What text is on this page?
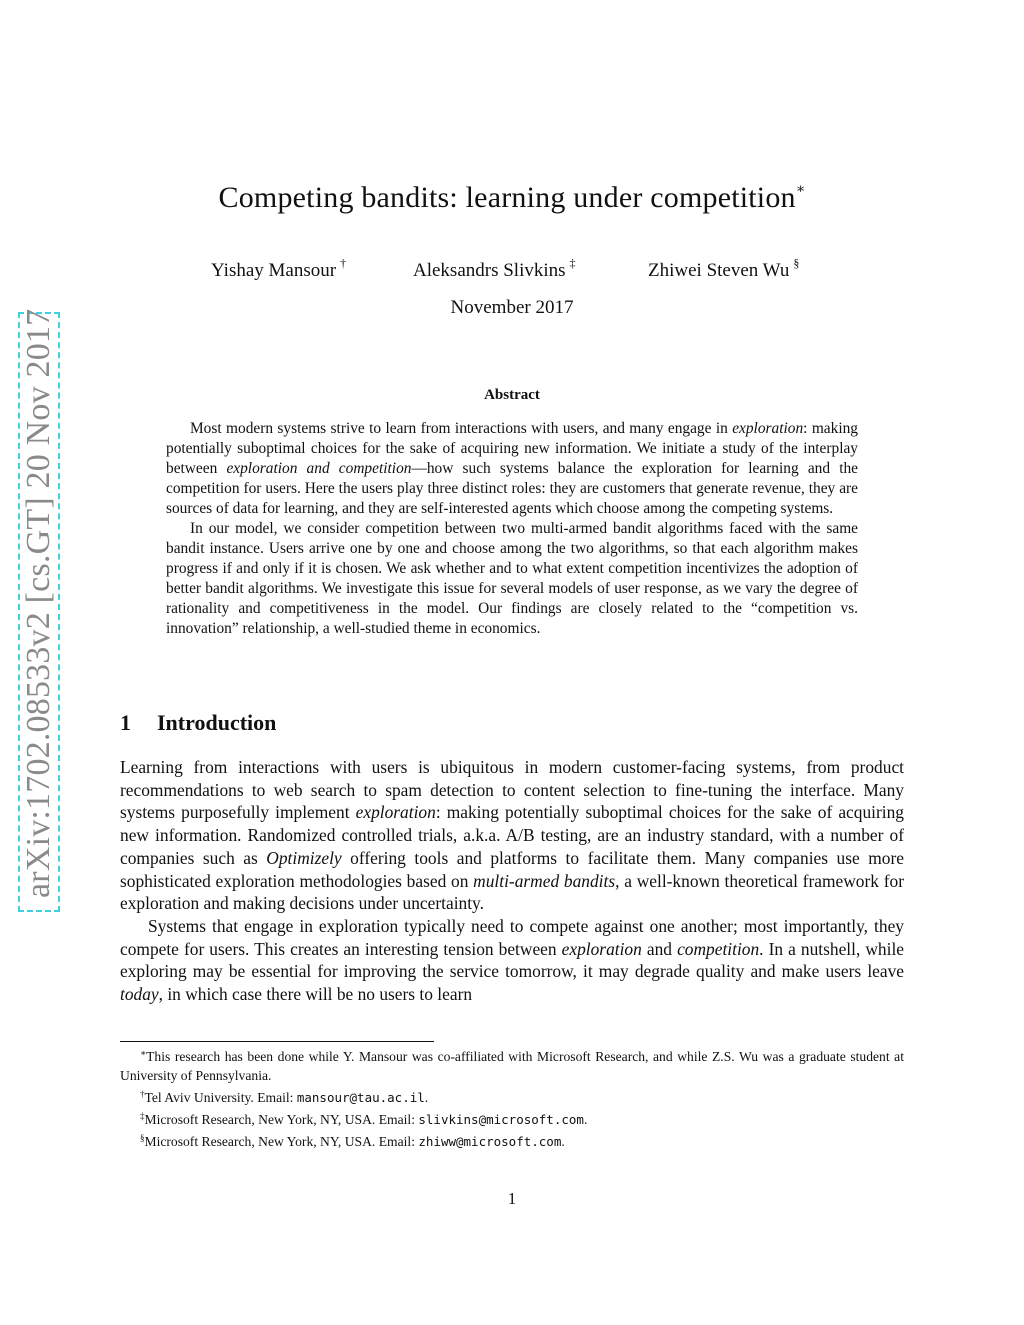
arXiv:1702.08533v2 [cs.GT] 20 Nov 2017
Competing bandits: learning under competition∗
Yishay Mansour †	Aleksandrs Slivkins ‡	Zhiwei Steven Wu §
November 2017
Abstract

Most modern systems strive to learn from interactions with users, and many engage in exploration: making potentially suboptimal choices for the sake of acquiring new information. We initiate a study of the interplay between exploration and competition—how such systems balance the exploration for learning and the competition for users. Here the users play three distinct roles: they are customers that generate revenue, they are sources of data for learning, and they are self-interested agents which choose among the competing systems.

In our model, we consider competition between two multi-armed bandit algorithms faced with the same bandit instance. Users arrive one by one and choose among the two algorithms, so that each algorithm makes progress if and only if it is chosen. We ask whether and to what extent competition incentivizes the adoption of better bandit algorithms. We investigate this issue for several models of user response, as we vary the degree of rationality and competitiveness in the model. Our findings are closely related to the “competition vs. innovation” relationship, a well-studied theme in economics.

1 Introduction

Learning from interactions with users is ubiquitous in modern customer-facing systems, from product recommendations to web search to spam detection to content selection to fine-tuning the interface. Many systems purposefully implement exploration: making potentially suboptimal choices for the sake of acquiring new information. Randomized controlled trials, a.k.a. A/B testing, are an industry standard, with a number of companies such as Optimizely offering tools and platforms to facilitate them. Many companies use more sophisticated exploration methodologies based on multi-armed bandits, a well-known theoretical framework for exploration and making decisions under uncertainty.

Systems that engage in exploration typically need to compete against one another; most importantly, they compete for users. This creates an interesting tension between exploration and competition. In a nutshell, while exploring may be essential for improving the service tomorrow, it may degrade quality and make users leave today, in which case there will be no users to learn

∗This research has been done while Y. Mansour was co-affiliated with Microsoft Research, and while Z.S. Wu was a graduate student at University of Pennsylvania.

†Tel Aviv University. Email: mansour@tau.ac.il.

‡Microsoft Research, New York, NY, USA. Email: slivkins@microsoft.com.

§Microsoft Research, New York, NY, USA. Email: zhiww@microsoft.com.

1
